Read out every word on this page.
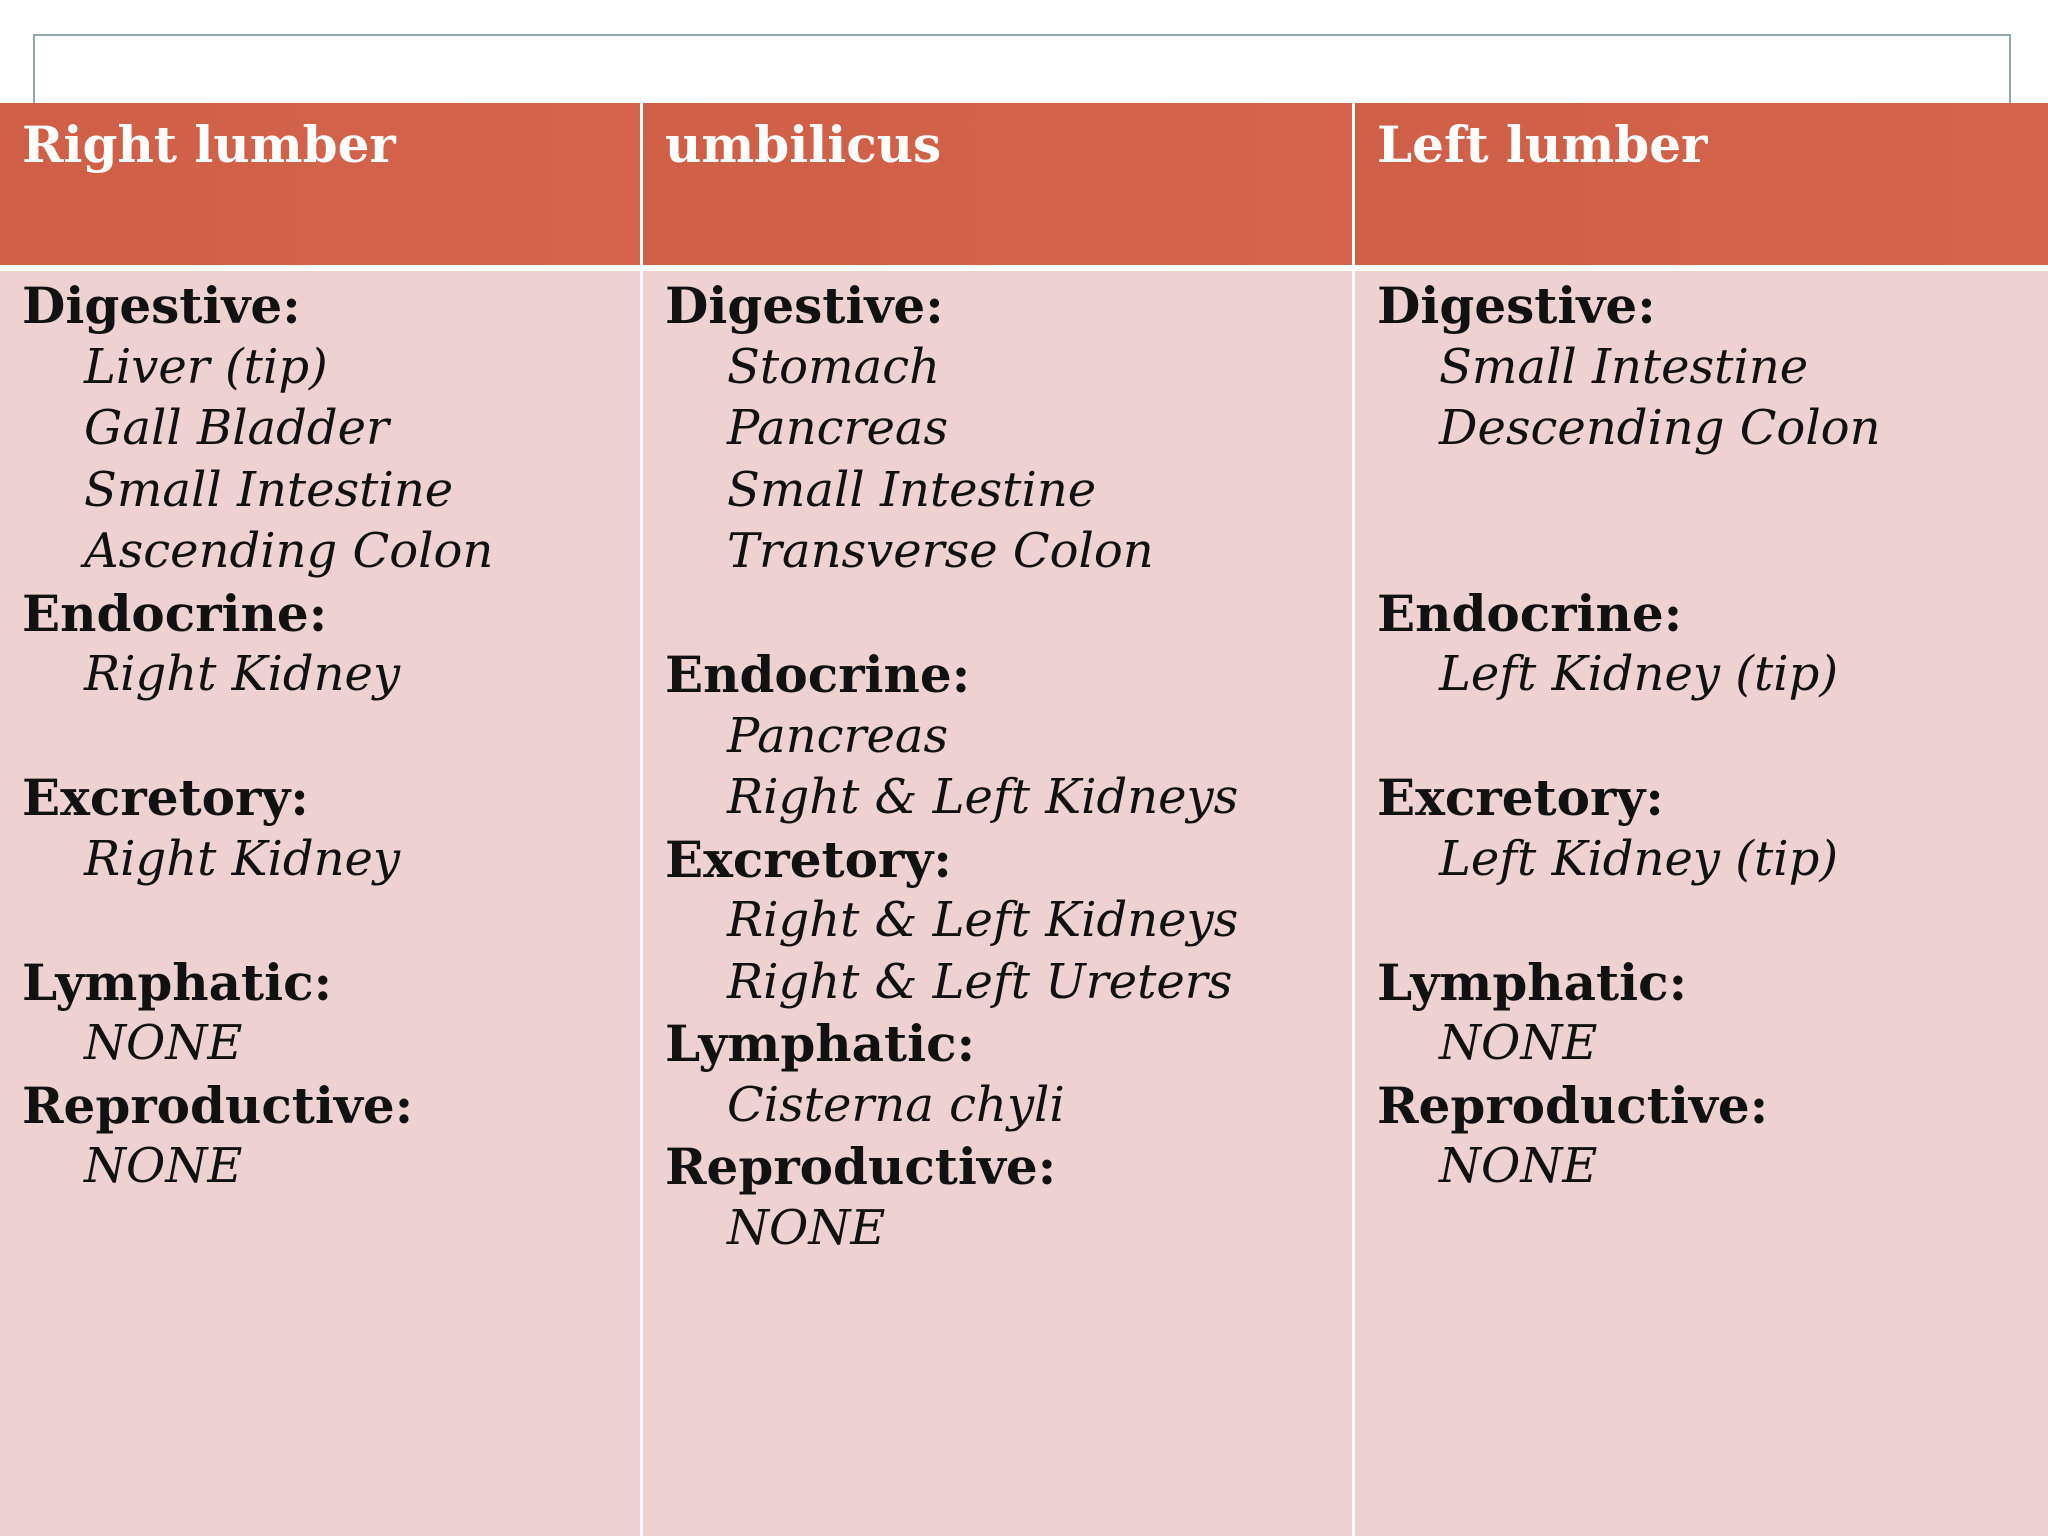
Right lumber
Digestive:
Liver (tip)
Gall Bladder
Small Intestine
Ascending Colon
Endocrine:
Right Kidney
Excretory:
Right Kidney
Lymphatic:
NONE
Reproductive:
NONE
umbilicus
Digestive:
Stomach
Pancreas
Small Intestine
Transverse Colon
Endocrine:
Pancreas
Right & Left Kidneys
Excretory:
Right & Left Kidneys
Right & Left Ureters
Lymphatic:
Cisterna chyli
Reproductive:
NONE
Left lumber
Digestive:
Small Intestine
Descending Colon
Endocrine:
Left Kidney (tip)
Excretory:
Left Kidney (tip)
Lymphatic:
NONE
Reproductive:
NONE
